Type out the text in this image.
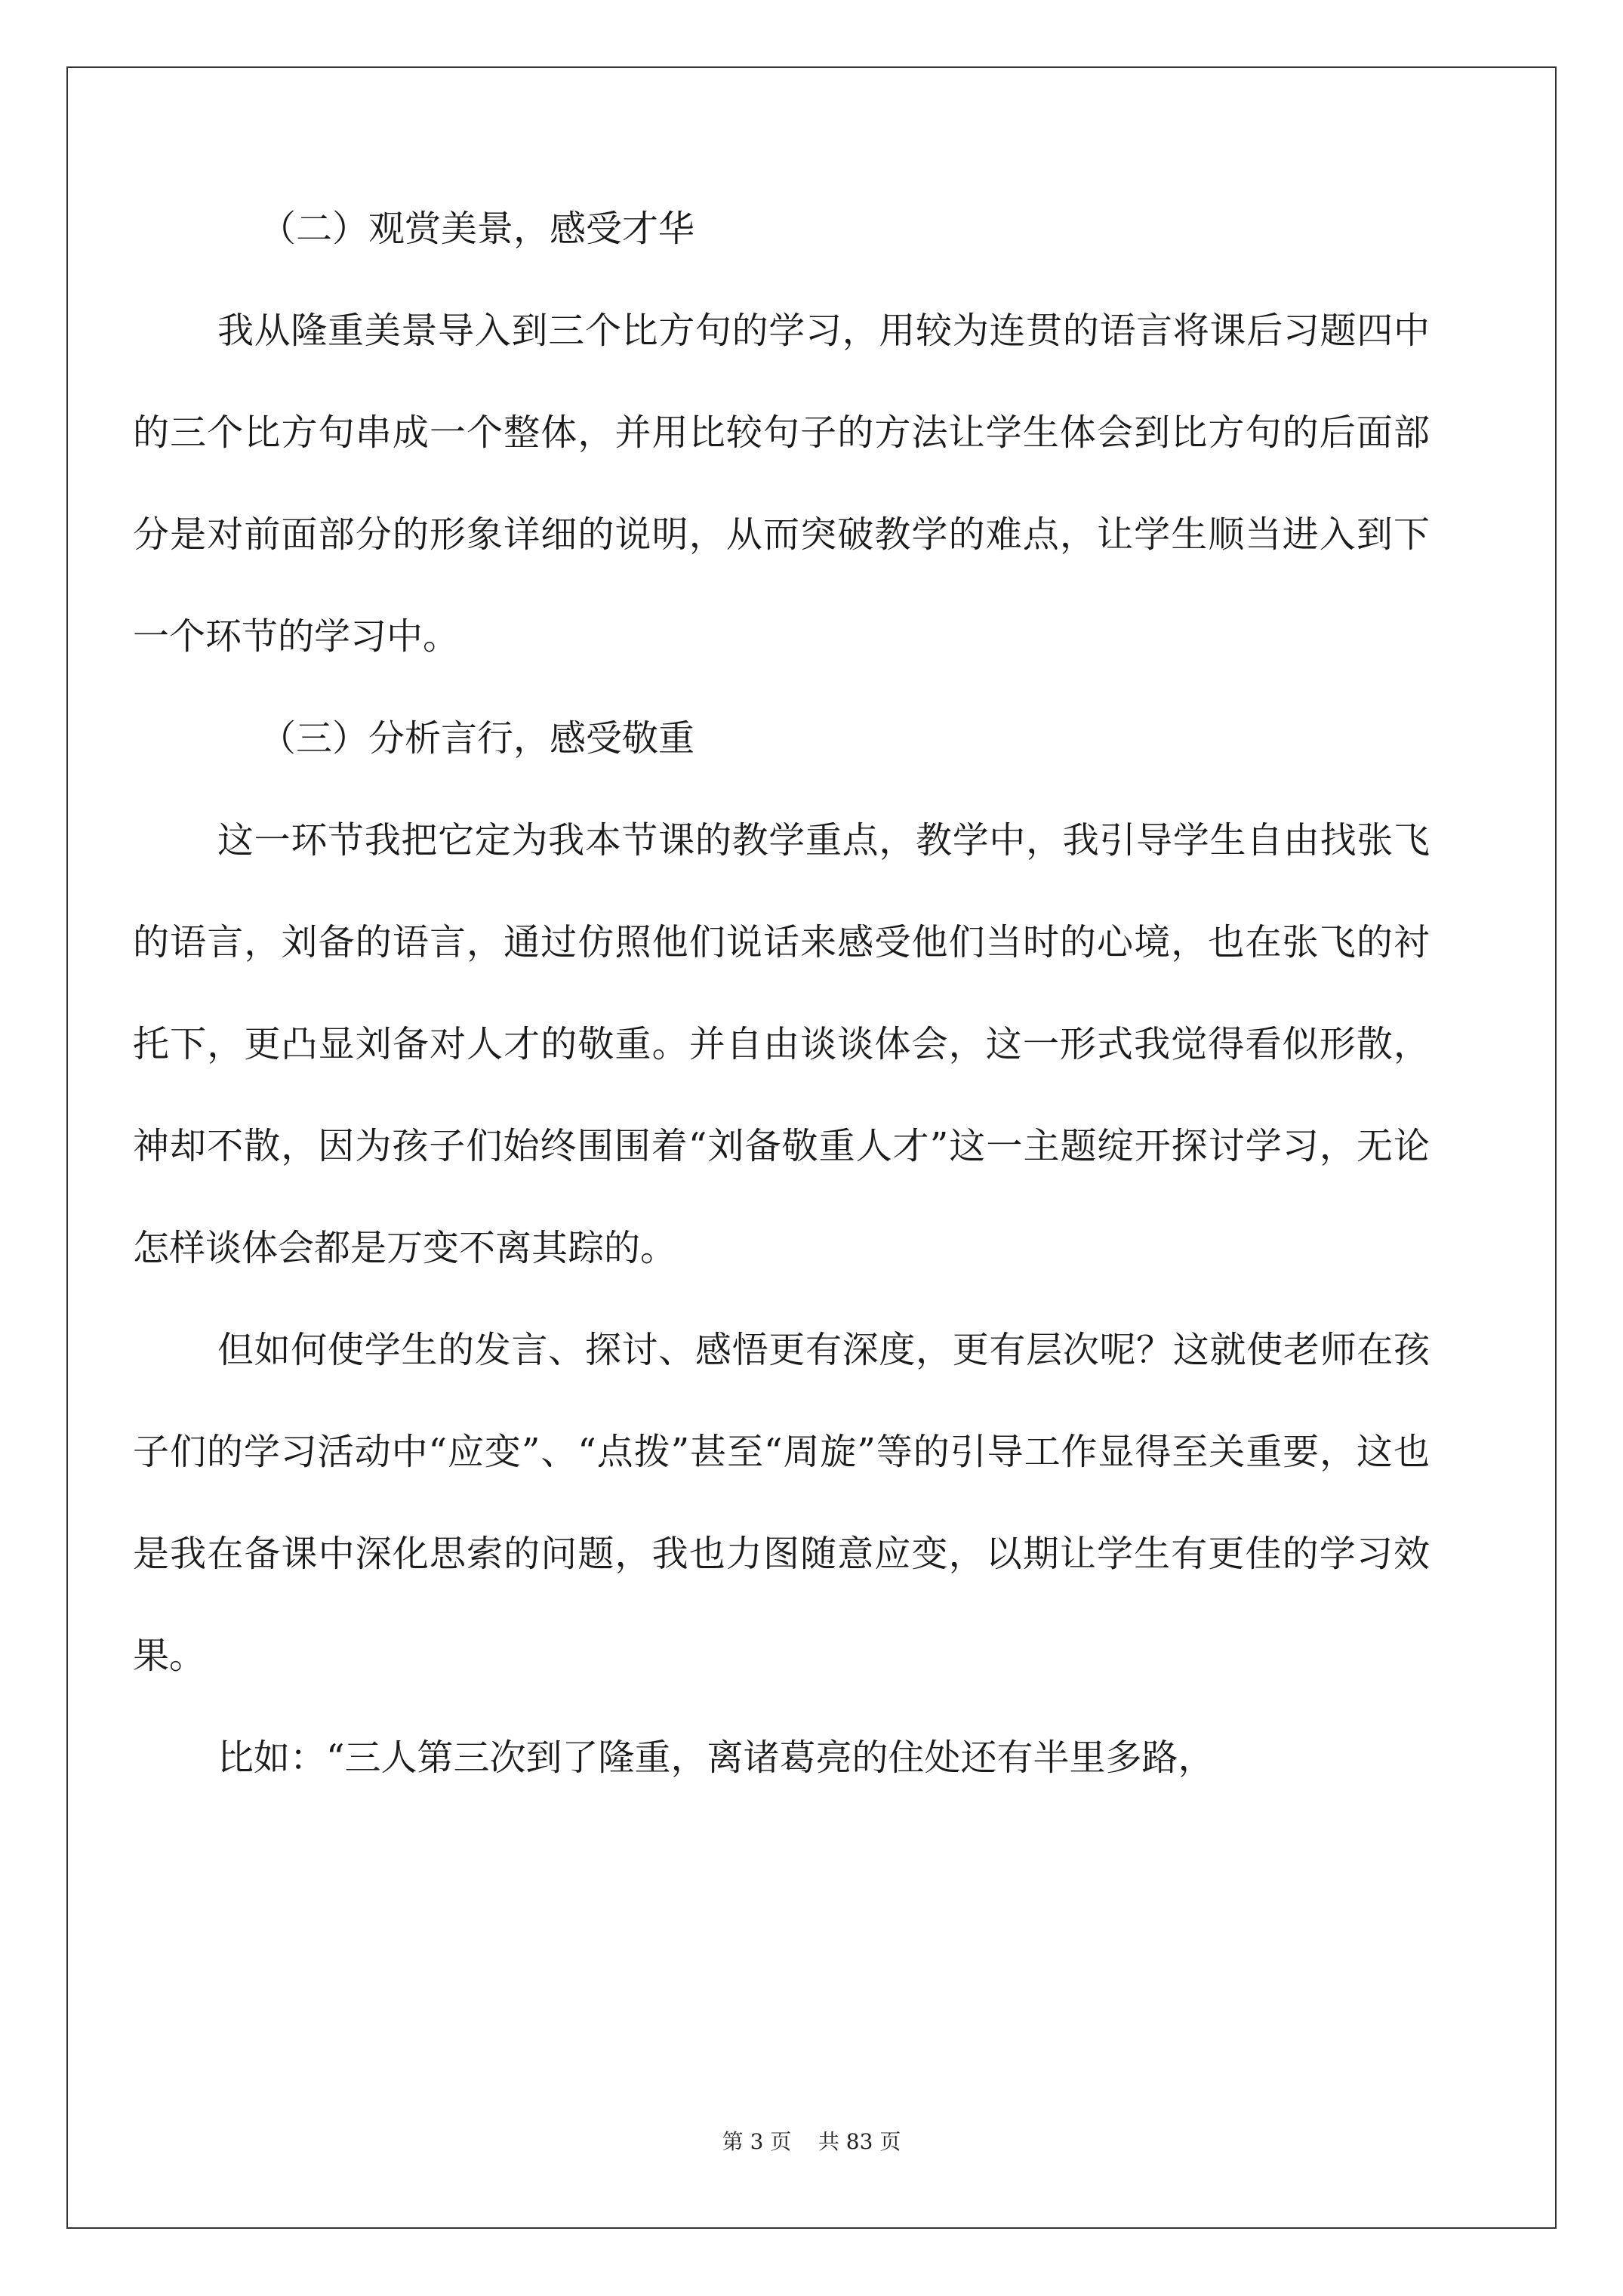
（二）观赏美景，感受才华

我从隆重美景导入到三个比方句的学习，用较为连贯的语言将课后习题四中的三个比方句串成一个整体，并用比较句子的方法让学生体会到比方句的后面部分是对前面部分的形象详细的说明，从而突破教学的难点，让学生顺当进入到下一个环节的学习中。

（三）分析言行，感受敬重

这一环节我把它定为我本节课的教学重点，教学中，我引导学生自由找张飞的语言，刘备的语言，通过仿照他们说话来感受他们当时的心境，也在张飞的衬托下，更凸显刘备对人才的敬重。并自由谈谈体会，这一形式我觉得看似形散，神却不散，因为孩子们始终围围着“刘备敬重人才”这一主题绽开探讨学习，无论怎样谈体会都是万变不离其踪的。

但如何使学生的发言、探讨、感悟更有深度，更有层次呢？这就使老师在孩子们的学习活动中“应变”、“点拨”甚至“周旋”等的引导工作显得至关重要，这也是我在备课中深化思索的问题，我也力图随意应变，以期让学生有更佳的学习效果。

比如：“三人第三次到了隆重，离诸葛亮的住处还有半里多路，

第 3 页    共 83 页
